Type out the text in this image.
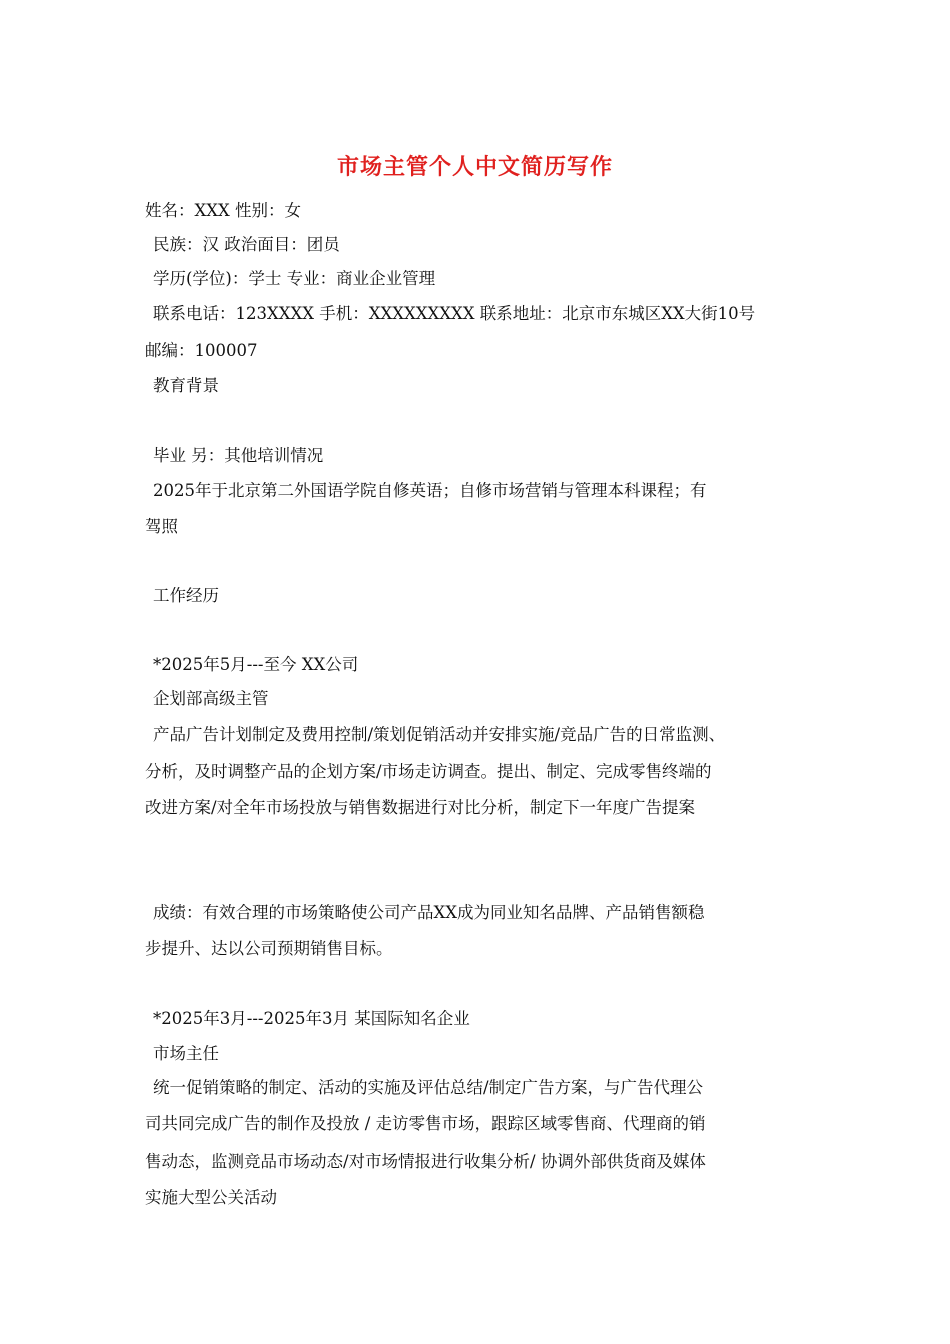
市场主管个人中文简历写作
姓名：XXX 性别：女
民族：汉 政治面目：团员
学历(学位)：学士 专业：商业企业管理
联系电话：123XXXX 手机：XXXXXXXXX 联系地址：北京市东城区XX大街10号
邮编：100007
教育背景
毕业 另：其他培训情况
2025年于北京第二外国语学院自修英语；自修市场营销与管理本科课程；有
驾照
工作经历
*2025年5月---至今 XX公司
企划部高级主管
产品广告计划制定及费用控制/策划促销活动并安排实施/竞品广告的日常监测、
分析，及时调整产品的企划方案/市场走访调查。提出、制定、完成零售终端的
改进方案/对全年市场投放与销售数据进行对比分析，制定下一年度广告提案
成绩：有效合理的市场策略使公司产品XX成为同业知名品牌、产品销售额稳
步提升、达以公司预期销售目标。
*2025年3月---2025年3月 某国际知名企业
市场主任
统一促销策略的制定、活动的实施及评估总结/制定广告方案，与广告代理公
司共同完成广告的制作及投放 / 走访零售市场，跟踪区域零售商、代理商的销
售动态，监测竞品市场动态/对市场情报进行收集分析/ 协调外部供货商及媒体
实施大型公关活动
